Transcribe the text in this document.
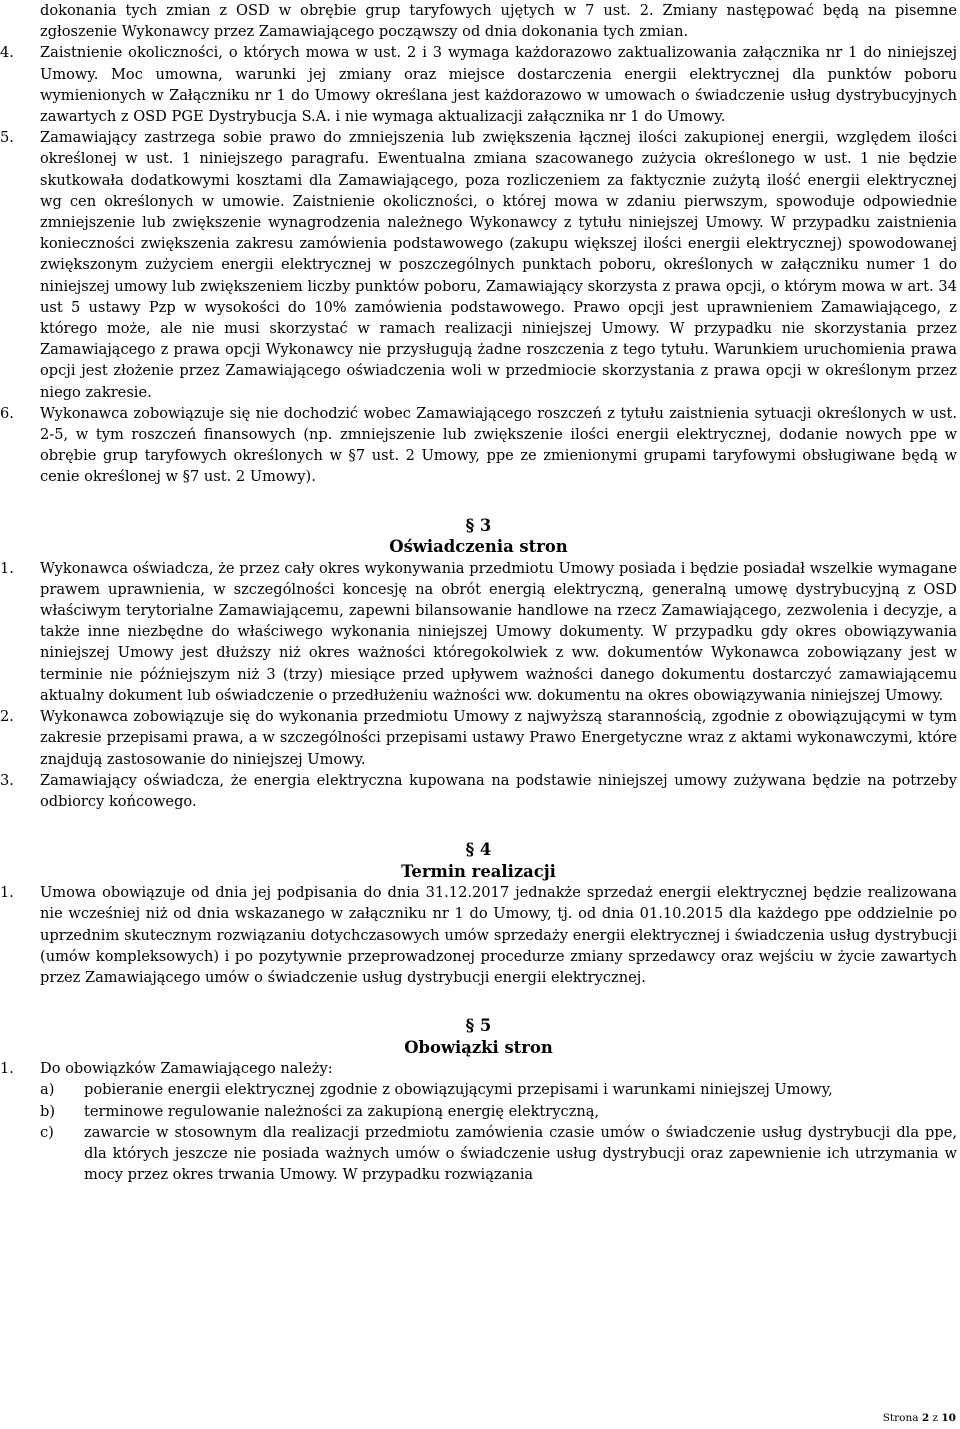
dokonania tych zmian z OSD w obrębie grup taryfowych ujętych w 7 ust. 2. Zmiany następować będą na pisemne zgłoszenie Wykonawcy przez Zamawiającego począwszy od dnia dokonania tych zmian.

4.	Zaistnienie okoliczności, o których mowa w ust. 2 i 3 wymaga każdorazowo zaktualizowania załącznika nr 1 do niniejszej Umowy. Moc umowna, warunki jej zmiany oraz miejsce dostarczenia energii elektrycznej dla punktów poboru wymienionych w Załączniku nr 1 do Umowy określana jest każdorazowo w umowach o świadczenie usług dystrybucyjnych zawartych z OSD PGE Dystrybucja S.A. i nie wymaga aktualizacji załącznika nr 1 do Umowy.
5.	Zamawiający zastrzega sobie prawo do zmniejszenia lub zwiększenia łącznej ilości zakupionej energii, względem ilości określonej w ust. 1 niniejszego paragrafu. Ewentualna zmiana szacowanego zużycia określonego w ust. 1 nie będzie skutkowała dodatkowymi kosztami dla Zamawiającego, poza rozliczeniem za faktycznie zużytą ilość energii elektrycznej wg cen określonych w umowie. Zaistnienie okoliczności, o której mowa w zdaniu pierwszym, spowoduje odpowiednie zmniejszenie lub zwiększenie wynagrodzenia należnego Wykonawcy z tytułu niniejszej Umowy. W przypadku zaistnienia konieczności zwiększenia zakresu zamówienia podstawowego (zakupu większej ilości energii elektrycznej) spowodowanej zwiększonym zużyciem energii elektrycznej w poszczególnych punktach poboru, określonych w załączniku numer 1 do niniejszej umowy lub zwiększeniem liczby punktów poboru, Zamawiający skorzysta z prawa opcji, o którym mowa w art. 34 ust 5 ustawy Pzp w wysokości do 10% zamówienia podstawowego. Prawo opcji jest uprawnieniem Zamawiającego, z którego może, ale nie musi skorzystać w ramach realizacji niniejszej Umowy. W przypadku nie skorzystania przez Zamawiającego z prawa opcji Wykonawcy nie przysługują żadne roszczenia z tego tytułu. Warunkiem uruchomienia prawa opcji jest złożenie przez Zamawiającego oświadczenia woli w przedmiocie skorzystania z prawa opcji w określonym przez niego zakresie.
6.	Wykonawca zobowiązuje się nie dochodzić wobec Zamawiającego roszczeń z tytułu zaistnienia sytuacji określonych w ust. 2-5, w tym roszczeń finansowych (np. zmniejszenie lub zwiększenie ilości energii elektrycznej, dodanie nowych ppe w obrębie grup taryfowych określonych w §7 ust. 2 Umowy, ppe ze zmienionymi grupami taryfowymi obsługiwane będą w cenie określonej w §7 ust. 2 Umowy).
§ 3
Oświadczenia stron
1.	Wykonawca oświadcza, że przez cały okres wykonywania przedmiotu Umowy posiada i będzie posiadał wszelkie wymagane prawem uprawnienia, w szczególności koncesję na obrót energią elektryczną, generalną umowę dystrybucyjną z OSD właściwym terytorialne Zamawiającemu, zapewni bilansowanie handlowe na rzecz Zamawiającego, zezwolenia i decyzje, a także inne niezbędne do właściwego wykonania niniejszej Umowy dokumenty. W przypadku gdy okres obowiązywania niniejszej Umowy jest dłuższy niż okres ważności któregokolwiek z ww. dokumentów Wykonawca zobowiązany jest w terminie nie późniejszym niż 3 (trzy) miesiące przed upływem ważności danego dokumentu dostarczyć zamawiającemu aktualny dokument lub oświadczenie o przedłużeniu ważności ww. dokumentu na okres obowiązywania niniejszej Umowy.
2.	Wykonawca zobowiązuje się do wykonania przedmiotu Umowy z najwyższą starannością, zgodnie z obowiązującymi w tym zakresie przepisami prawa, a w szczególności przepisami ustawy Prawo Energetyczne wraz z aktami wykonawczymi, które znajdują zastosowanie do niniejszej Umowy.
3.	Zamawiający oświadcza, że energia elektryczna kupowana na podstawie niniejszej umowy zużywana będzie na potrzeby odbiorcy końcowego.
§ 4
Termin realizacji
1.	Umowa obowiązuje od dnia jej podpisania do dnia 31.12.2017 jednakże sprzedaż energii elektrycznej będzie realizowana nie wcześniej niż od dnia wskazanego w załączniku nr 1 do Umowy, tj. od dnia 01.10.2015 dla każdego ppe oddzielnie po uprzednim skutecznym rozwiązaniu dotychczasowych umów sprzedaży energii elektrycznej i świadczenia usług dystrybucji (umów kompleksowych) i po pozytywnie przeprowadzonej procedurze zmiany sprzedawcy oraz wejściu w życie zawartych przez Zamawiającego umów o świadczenie usług dystrybucji energii elektrycznej.
§ 5
Obowiązki stron
1.	Do obowiązków Zamawiającego należy:
a)	pobieranie energii elektrycznej zgodnie z obowiązującymi przepisami i warunkami niniejszej Umowy,
b)	terminowe regulowanie należności za zakupioną energię elektryczną,
c)	zawarcie w stosownym dla realizacji przedmiotu zamówienia czasie umów o świadczenie usług dystrybucji dla ppe, dla których jeszcze nie posiada ważnych umów o świadczenie usług dystrybucji oraz zapewnienie ich utrzymania w mocy przez okres trwania Umowy. W przypadku rozwiązania
Strona 2 z 10
